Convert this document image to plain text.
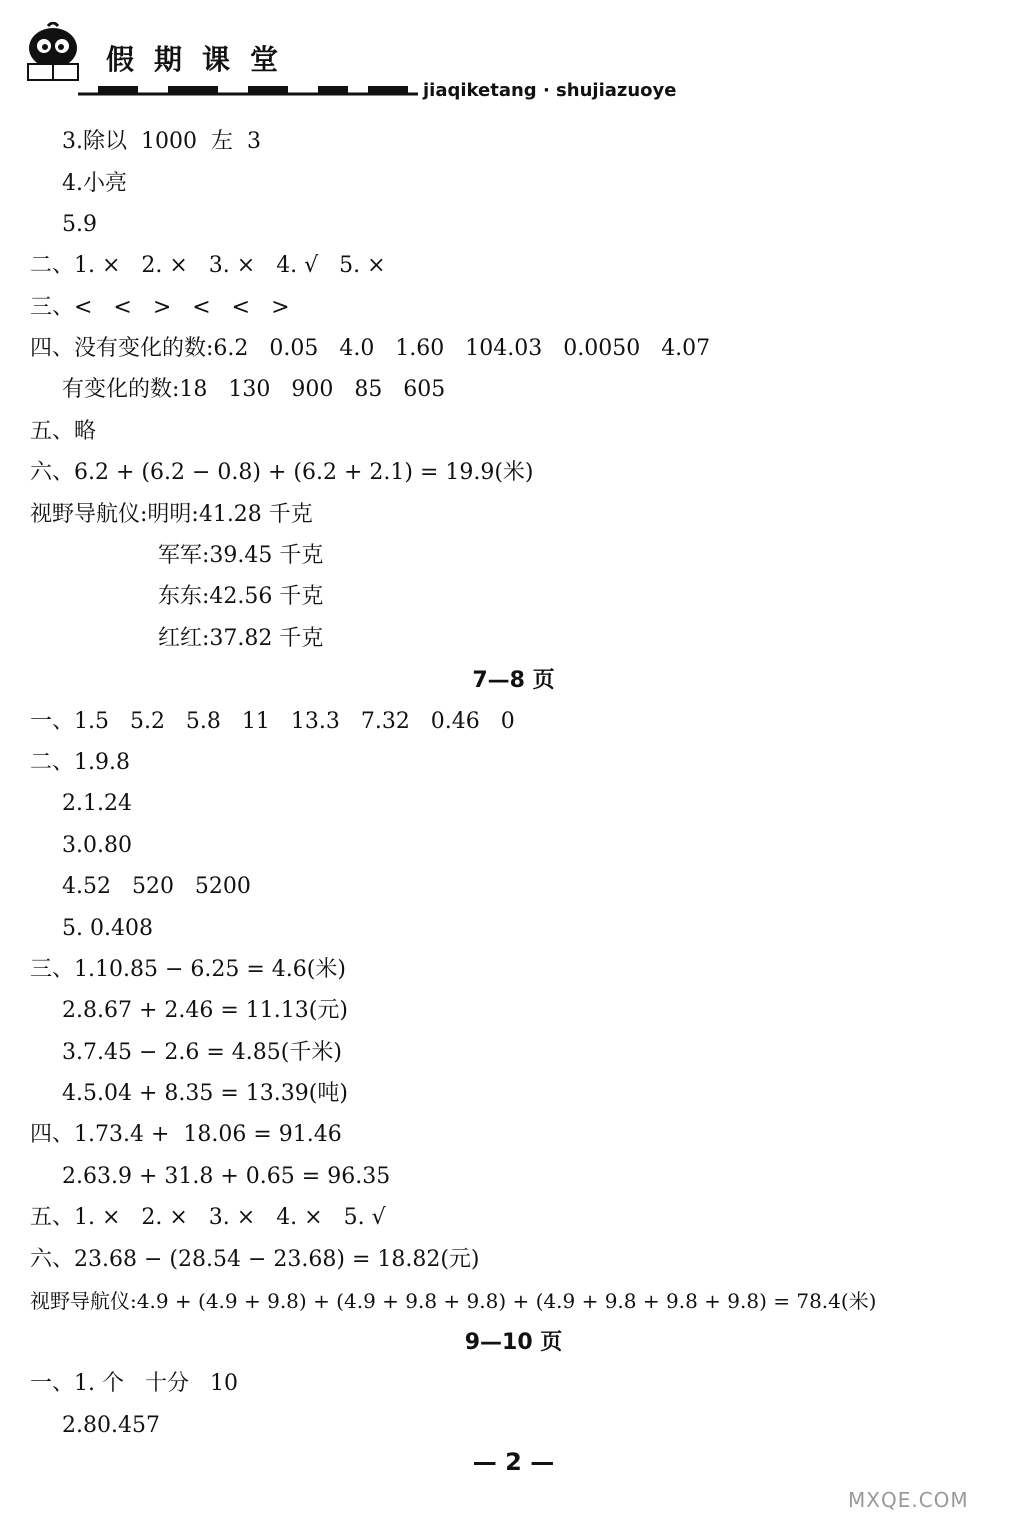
假期课堂
jiaqiketang · shujiazuoye
3.除以  1000  左  3
4.小亮
5.9
二、1. ×   2. ×   3. ×   4. √   5. ×
三、<   <   >   <   <   >
四、没有变化的数:6.2   0.05   4.0   1.60   104.03   0.0050   4.07
有变化的数:18   130   900   85   605
五、略
六、6.2 + (6.2 − 0.8) + (6.2 + 2.1) = 19.9(米)
视野导航仪:明明:41.28 千克
军军:39.45 千克
东东:42.56 千克
红红:37.82 千克
7—8 页
一、1.5   5.2   5.8   11   13.3   7.32   0.46   0
二、1.9.8
2.1.24
3.0.80
4.52   520   5200
5. 0.408
三、1.10.85 − 6.25 = 4.6(米)
2.8.67 + 2.46 = 11.13(元)
3.7.45 − 2.6 = 4.85(千米)
4.5.04 + 8.35 = 13.39(吨)
四、1.73.4 +  18.06 = 91.46
2.63.9 + 31.8 + 0.65 = 96.35
五、1. ×   2. ×   3. ×   4. ×   5. √
六、23.68 − (28.54 − 23.68) = 18.82(元)
视野导航仪:4.9 + (4.9 + 9.8) + (4.9 + 9.8 + 9.8) + (4.9 + 9.8 + 9.8 + 9.8) = 78.4(米)
9—10 页
一、1. 个   十分   10
2.80.457
— 2 —
MXQE.COM
